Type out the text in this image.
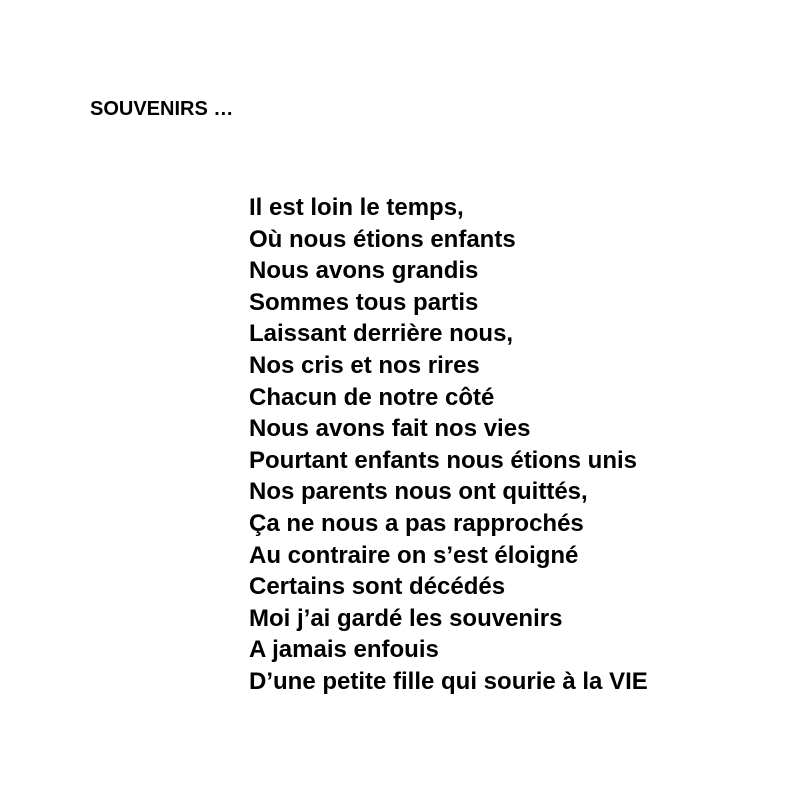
SOUVENIRS …
Il est loin le temps,
Où nous étions enfants
Nous avons grandis
Sommes tous partis
Laissant derrière nous,
Nos cris et nos rires
Chacun de notre côté
Nous avons fait nos vies
Pourtant enfants nous étions unis
Nos parents nous ont quittés,
Ça ne nous a pas rapprochés
Au contraire on s’est éloigné
Certains sont décédés
Moi j’ai gardé les souvenirs
A jamais enfouis
D’une petite fille qui sourie à la VIE
